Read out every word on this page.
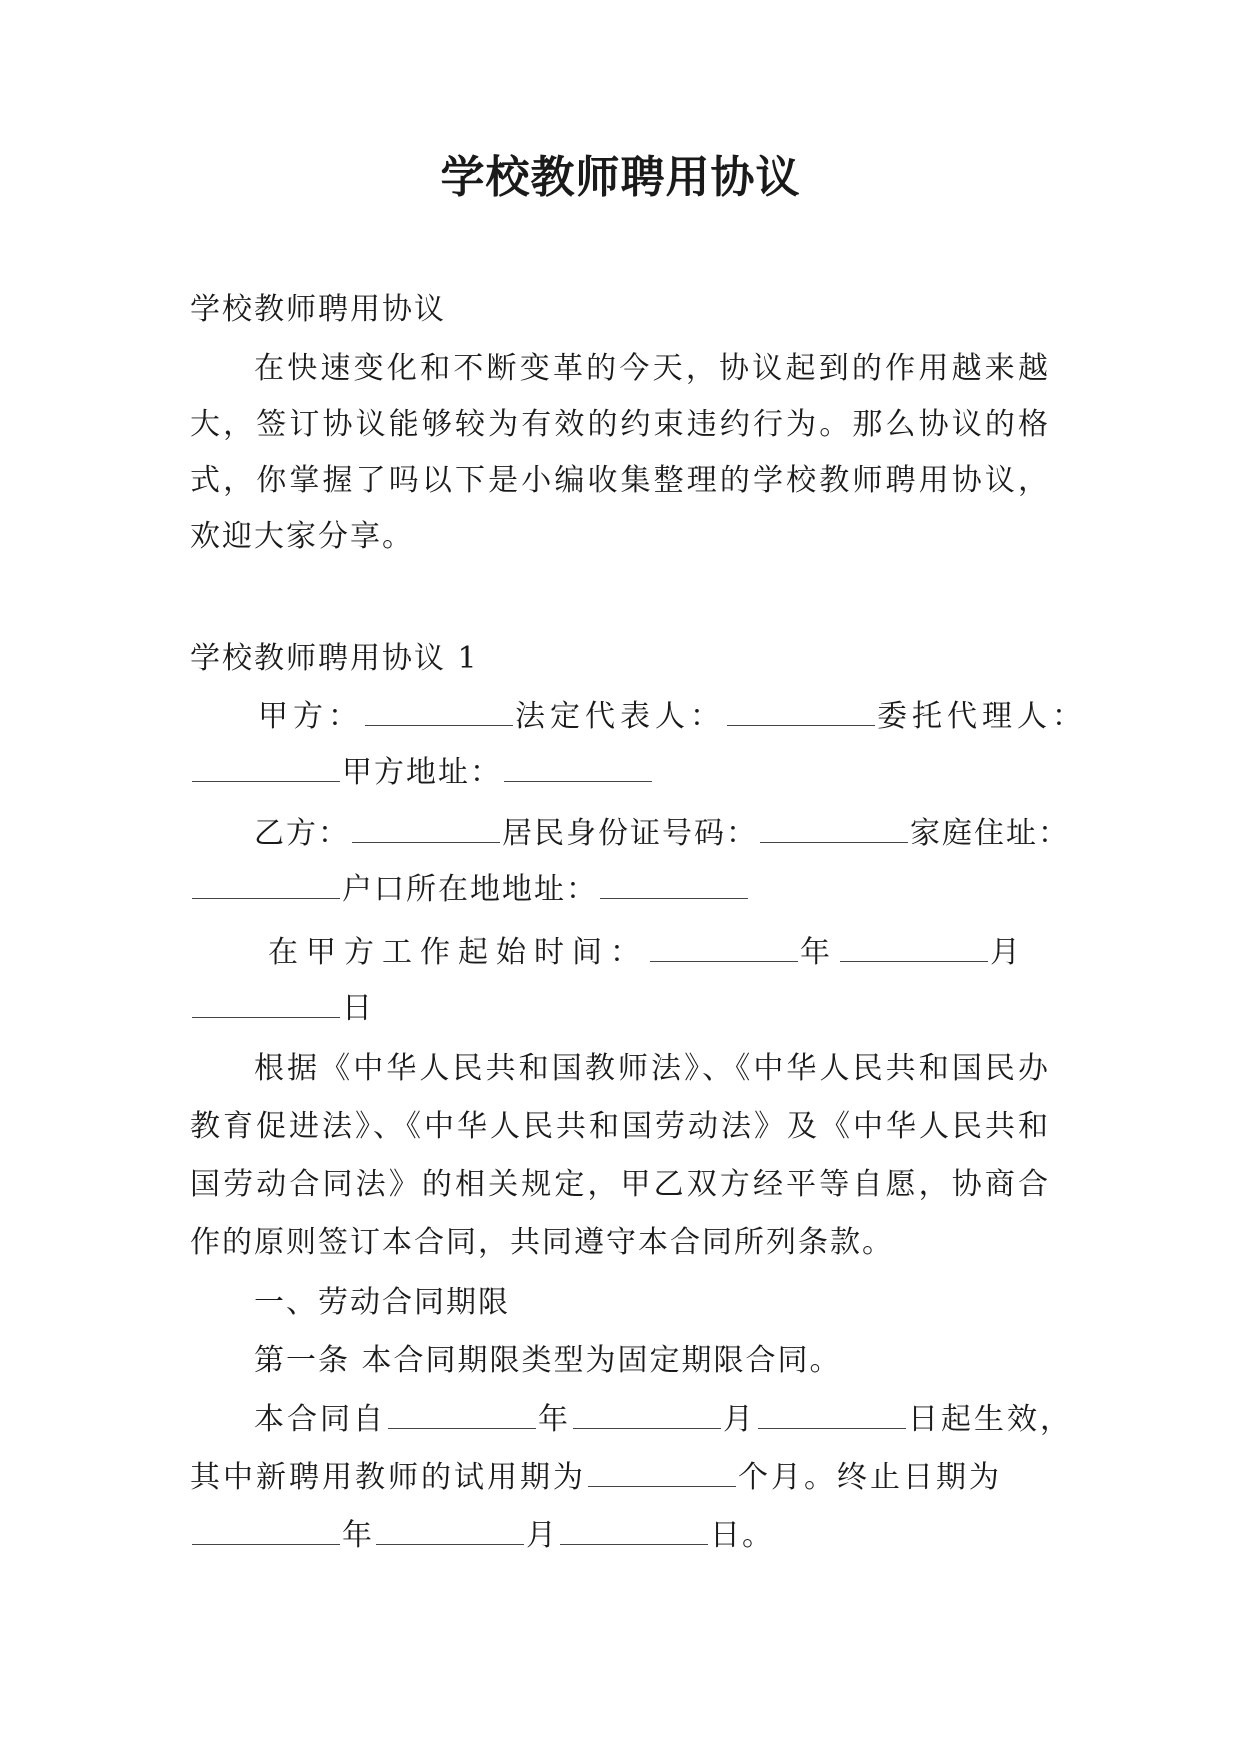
学校教师聘用协议
学校教师聘用协议
在快速变化和不断变革的今天，协议起到的作用越来越
大，签订协议能够较为有效的约束违约行为。那么协议的格
式，你掌握了吗以下是小编收集整理的学校教师聘用协议，
欢迎大家分享。
学校教师聘用协议 1
甲方：	法定代表人：	委托代理人：
甲方地址：
乙方：	居民身份证号码：	家庭住址：
户口所在地地址：
在甲方工作起始时间：	年	月
日
根据《中华人民共和国教师法》、《中华人民共和国民办
教育促进法》、《中华人民共和国劳动法》及《中华人民共和
国劳动合同法》的相关规定，甲乙双方经平等自愿，协商合
作的原则签订本合同，共同遵守本合同所列条款。
一、劳动合同期限
第一条 本合同期限类型为固定期限合同。
本合同自	年	月	日起生效，
其中新聘用教师的试用期为	个月。终止日期为
年	月	日。
